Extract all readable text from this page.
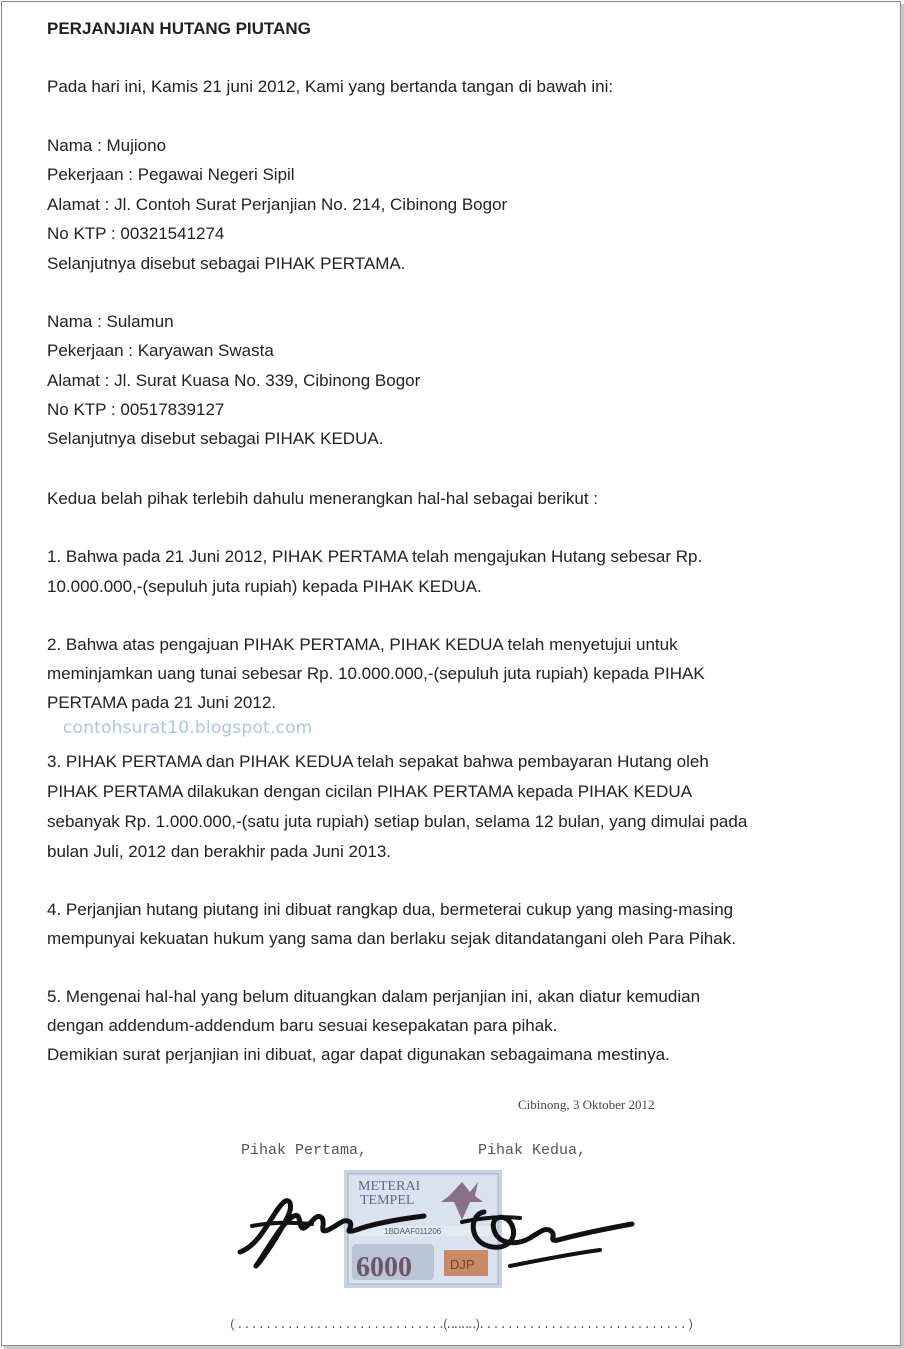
PERJANJIAN HUTANG PIUTANG
Pada hari ini, Kamis 21 juni 2012, Kami yang bertanda tangan di bawah ini:
Nama : Mujiono
Pekerjaan : Pegawai Negeri Sipil
Alamat : Jl. Contoh Surat Perjanjian No. 214, Cibinong Bogor
No KTP : 00321541274
Selanjutnya disebut sebagai PIHAK PERTAMA.
Nama : Sulamun
Pekerjaan : Karyawan Swasta
Alamat : Jl. Surat Kuasa No. 339, Cibinong Bogor
No KTP : 00517839127
Selanjutnya disebut sebagai PIHAK KEDUA.
Kedua belah pihak terlebih dahulu menerangkan hal-hal sebagai berikut :
1. Bahwa pada 21 Juni 2012, PIHAK PERTAMA telah mengajukan Hutang sebesar Rp.
10.000.000,-(sepuluh juta rupiah) kepada PIHAK KEDUA.
2. Bahwa atas pengajuan PIHAK PERTAMA, PIHAK KEDUA telah menyetujui untuk
meminjamkan uang tunai sebesar Rp. 10.000.000,-(sepuluh juta rupiah) kepada PIHAK
PERTAMA pada 21 Juni 2012.
contohsurat10.blogspot.com
3. PIHAK PERTAMA dan PIHAK KEDUA telah sepakat bahwa pembayaran Hutang oleh
PIHAK PERTAMA dilakukan dengan cicilan PIHAK PERTAMA kepada PIHAK KEDUA
sebanyak Rp. 1.000.000,-(satu juta rupiah) setiap bulan, selama 12 bulan, yang dimulai pada
bulan Juli, 2012 dan berakhir pada Juni 2013.
4. Perjanjian hutang piutang ini dibuat rangkap dua, bermeterai cukup yang masing-masing
mempunyai kekuatan hukum yang sama dan berlaku sejak ditandatangani oleh Para Pihak.
5. Mengenai hal-hal yang belum dituangkan dalam perjanjian ini, akan diatur kemudian
dengan addendum-addendum baru sesuai kesepakatan para pihak.
Demikian surat perjanjian ini dibuat, agar dapat digunakan sebagaimana mestinya.
Cibinong, 3 Oktober 2012
Pihak Pertama,	Pihak Kedua,
METERAI
TEMPEL
1BDAAF011206
6000	DJP
(.................................)
(.................................)
